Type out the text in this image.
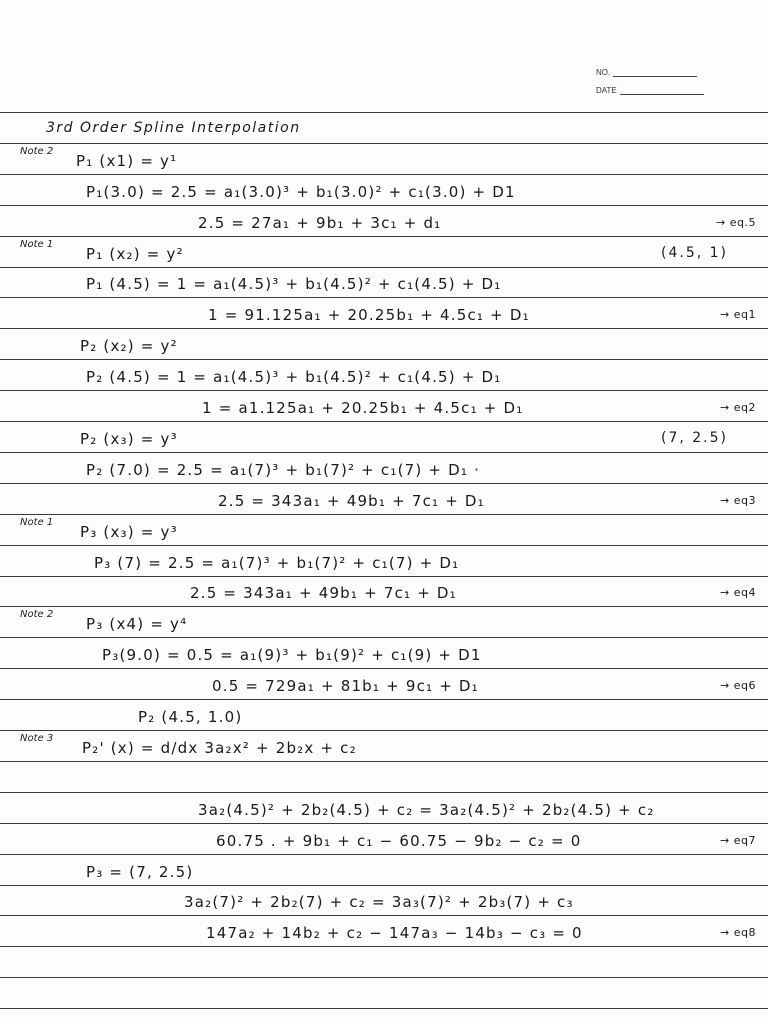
NO.
DATE
3rd Order Spline Interpolation
Note 2
Note 1
Note 1
Note 2
Note 3
P₁ (x1) = y¹
P₁(3.0) = 2.5 = a₁(3.0)³ + b₁(3.0)² + c₁(3.0) + D1
2.5 = 27a₁ + 9b₁ + 3c₁ + d₁	→ eq.5
P₁ (x₂) = y²	(4.5, 1)
P₁ (4.5) = 1 = a₁(4.5)³ + b₁(4.5)² + c₁(4.5) + D₁
1 = 91.125a₁ + 20.25b₁ + 4.5c₁ + D₁	→ eq1
P₂ (x₂) = y²
P₂ (4.5) = 1 = a₁(4.5)³ + b₁(4.5)² + c₁(4.5) + D₁
1 = a1.125a₁ + 20.25b₁ + 4.5c₁ + D₁	→ eq2
P₂ (x₃) = y³	(7, 2.5)
P₂ (7.0) = 2.5 = a₁(7)³ + b₁(7)² + c₁(7) + D₁ ·
2.5 = 343a₁ + 49b₁ + 7c₁ + D₁	→ eq3
P₃ (x₃) = y³
P₃ (7) = 2.5 = a₁(7)³ + b₁(7)² + c₁(7) + D₁
2.5 = 343a₁ + 49b₁ + 7c₁ + D₁	→ eq4
P₃ (x4) = y⁴
P₃(9.0) = 0.5 = a₁(9)³ + b₁(9)² + c₁(9) + D1
0.5 = 729a₁ + 81b₁ + 9c₁ + D₁	→ eq6
P₂ (4.5, 1.0)
P₂' (x) = d/dx 3a₂x² + 2b₂x + c₂
3a₂(4.5)² + 2b₂(4.5) + c₂ = 3a₂(4.5)² + 2b₂(4.5) + c₂
60.75 . + 9b₁ + c₁ − 60.75 − 9b₂ − c₂ = 0	→ eq7
P₃ = (7, 2.5)
3a₂(7)² + 2b₂(7) + c₂ = 3a₃(7)² + 2b₃(7) + c₃
147a₂ + 14b₂ + c₂ − 147a₃ − 14b₃ − c₃ = 0	→ eq8
